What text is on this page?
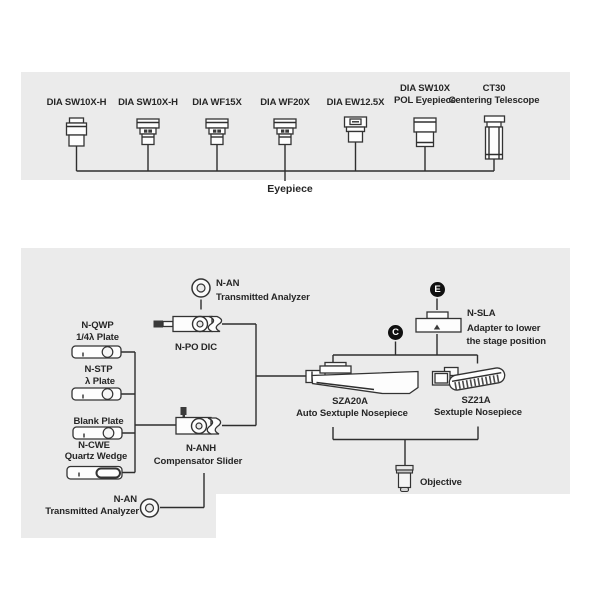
DIA SW10X-H DIA SW10X-H DIA WF15X DIA WF20X DIA EW12.5X
DIA SW10X
POL Eyepiece
CT30
Centering Telescope
Eyepiece
N-AN
Transmitted Analyzer
N-PO DIC
N-QWP
1/4λ Plate
N-STP
λ Plate
Blank Plate
N-CWE
Quartz Wedge
N-ANH
Compensator Slider
N-AN
Transmitted Analyzer
C
E
N-SLA
Adapter to lower
the stage position
SZA20A
Auto Sextuple Nosepiece
SZ21A
Sextuple Nosepiece
Objective
